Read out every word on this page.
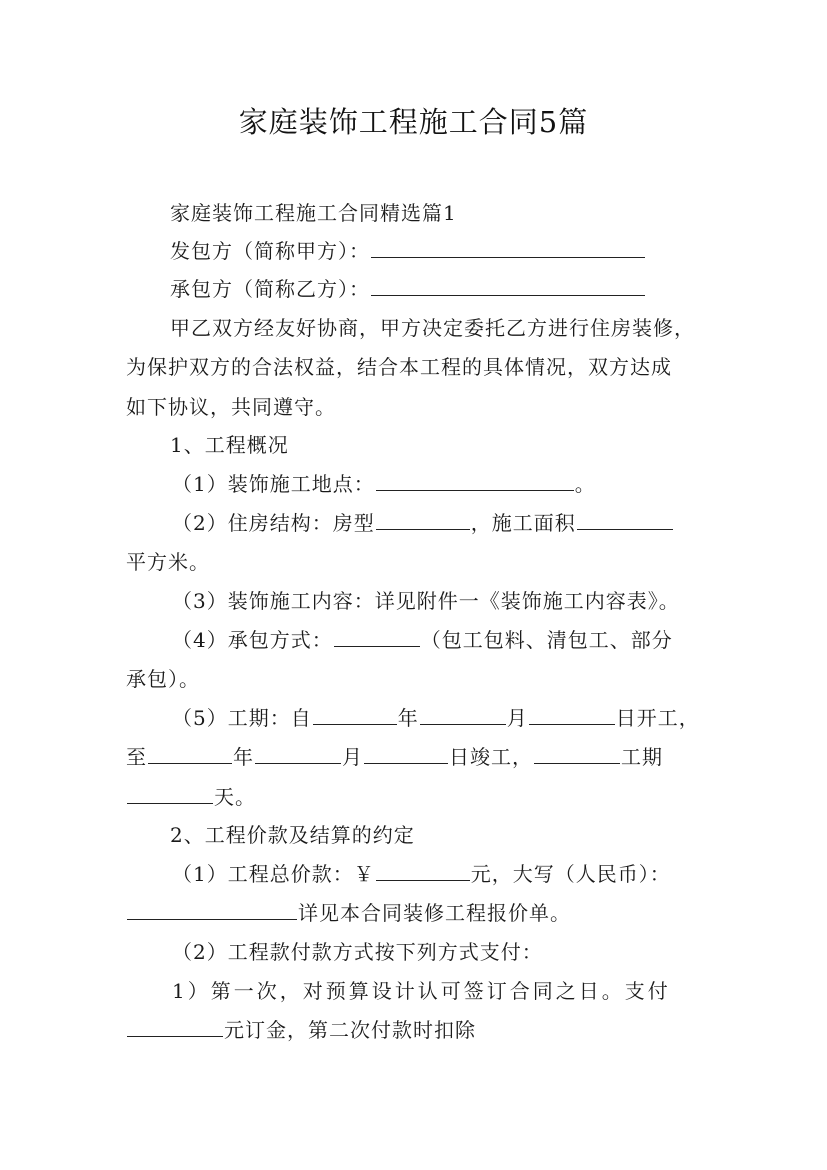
家庭装饰工程施工合同5篇
家庭装饰工程施工合同精选篇1
发包方（简称甲方）：
承包方（简称乙方）：
甲乙双方经友好协商，甲方决定委托乙方进行住房装修，
为保护双方的合法权益，结合本工程的具体情况，双方达成
如下协议，共同遵守。
1、工程概况
（1）装饰施工地点：	。
（2）住房结构：房型	，施工面积
平方米。
（3）装饰施工内容：详见附件一《装饰施工内容表》。
（4）承包方式：	（包工包料、清包工、部分
承包）。
（5）工期：自	年	月	日开工，
至	年	月	日竣工，	工期
天。
2、工程价款及结算的约定
（1）工程总价款：￥	元，大写（人民币）：
详见本合同装修工程报价单。
（2）工程款付款方式按下列方式支付：
1）第一次，对预算设计认可签订合同之日。支付
元订金，第二次付款时扣除
